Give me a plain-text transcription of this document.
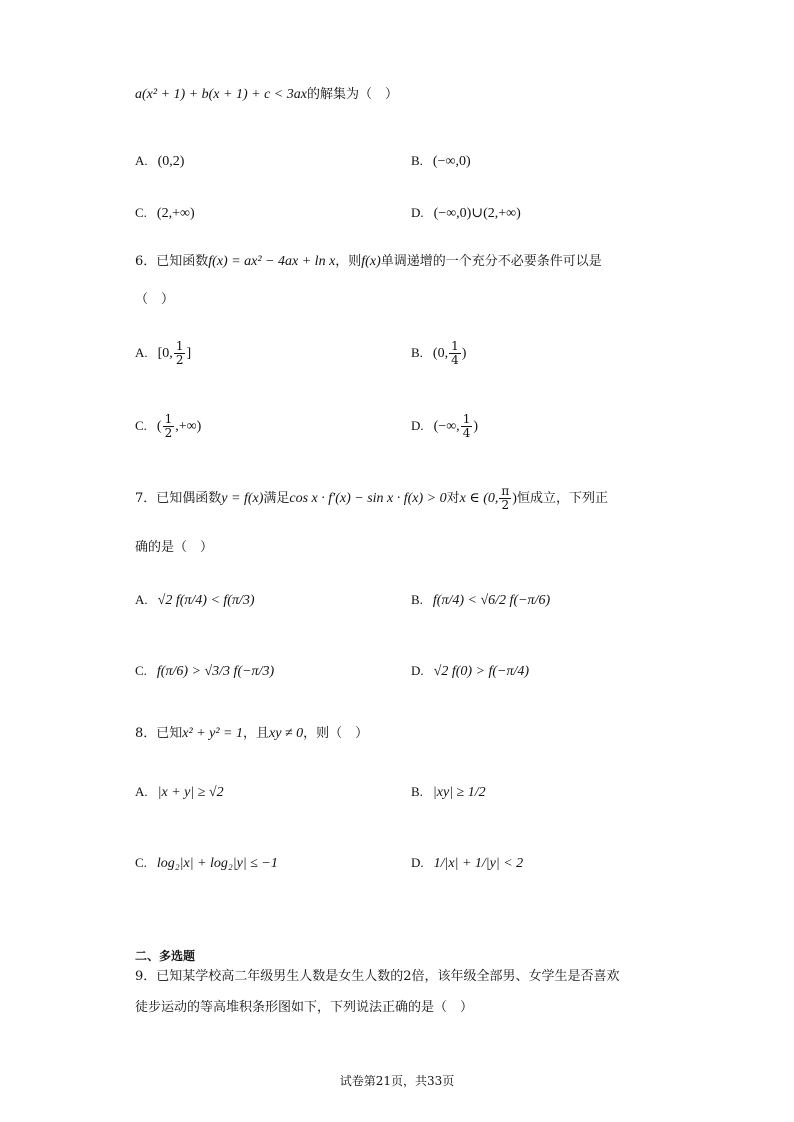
a(x² + 1) + b(x + 1) + c < 3ax的解集为（　）
A. (0,2)	B. (−∞,0)
C. (2,+∞)	D. (−∞,0)∪(2,+∞)
6．已知函数f(x) = ax² − 4ax + ln x，则f(x)单调递增的一个充分不必要条件可以是
（　）
A. [0, $\frac{1}{2}$ ]	B. (0, $\frac{1}{4}$ )
C. ( $\frac{1}{2}$ ,+∞)	D. (−∞, $\frac{1}{4}$ )
7．已知偶函数y = f(x)满足cos x · f′(x) − sin x · f(x) > 0对x ∈ (0, $\frac{\pi}{2}$ )恒成立，下列正
确的是（　）
A. √2 f(π/4) < f(π/3)	B. f(π/4) < √6/2 f(−π/6)
C. f(π/6) > √3/3 f(−π/3)	D. √2 f(0) > f(−π/4)
8．已知x² + y² = 1，且xy ≠ 0，则（　）
A. |x + y| ≥ √2	B. |xy| ≥ 1/2
C. log₂|x| + log₂|y| ≤ −1	D. 1/|x| + 1/|y| < 2
二、多选题
9．已知某学校高二年级男生人数是女生人数的2倍，该年级全部男、女学生是否喜欢
徒步运动的等高堆积条形图如下，下列说法正确的是（　）
试卷第21页，共33页
